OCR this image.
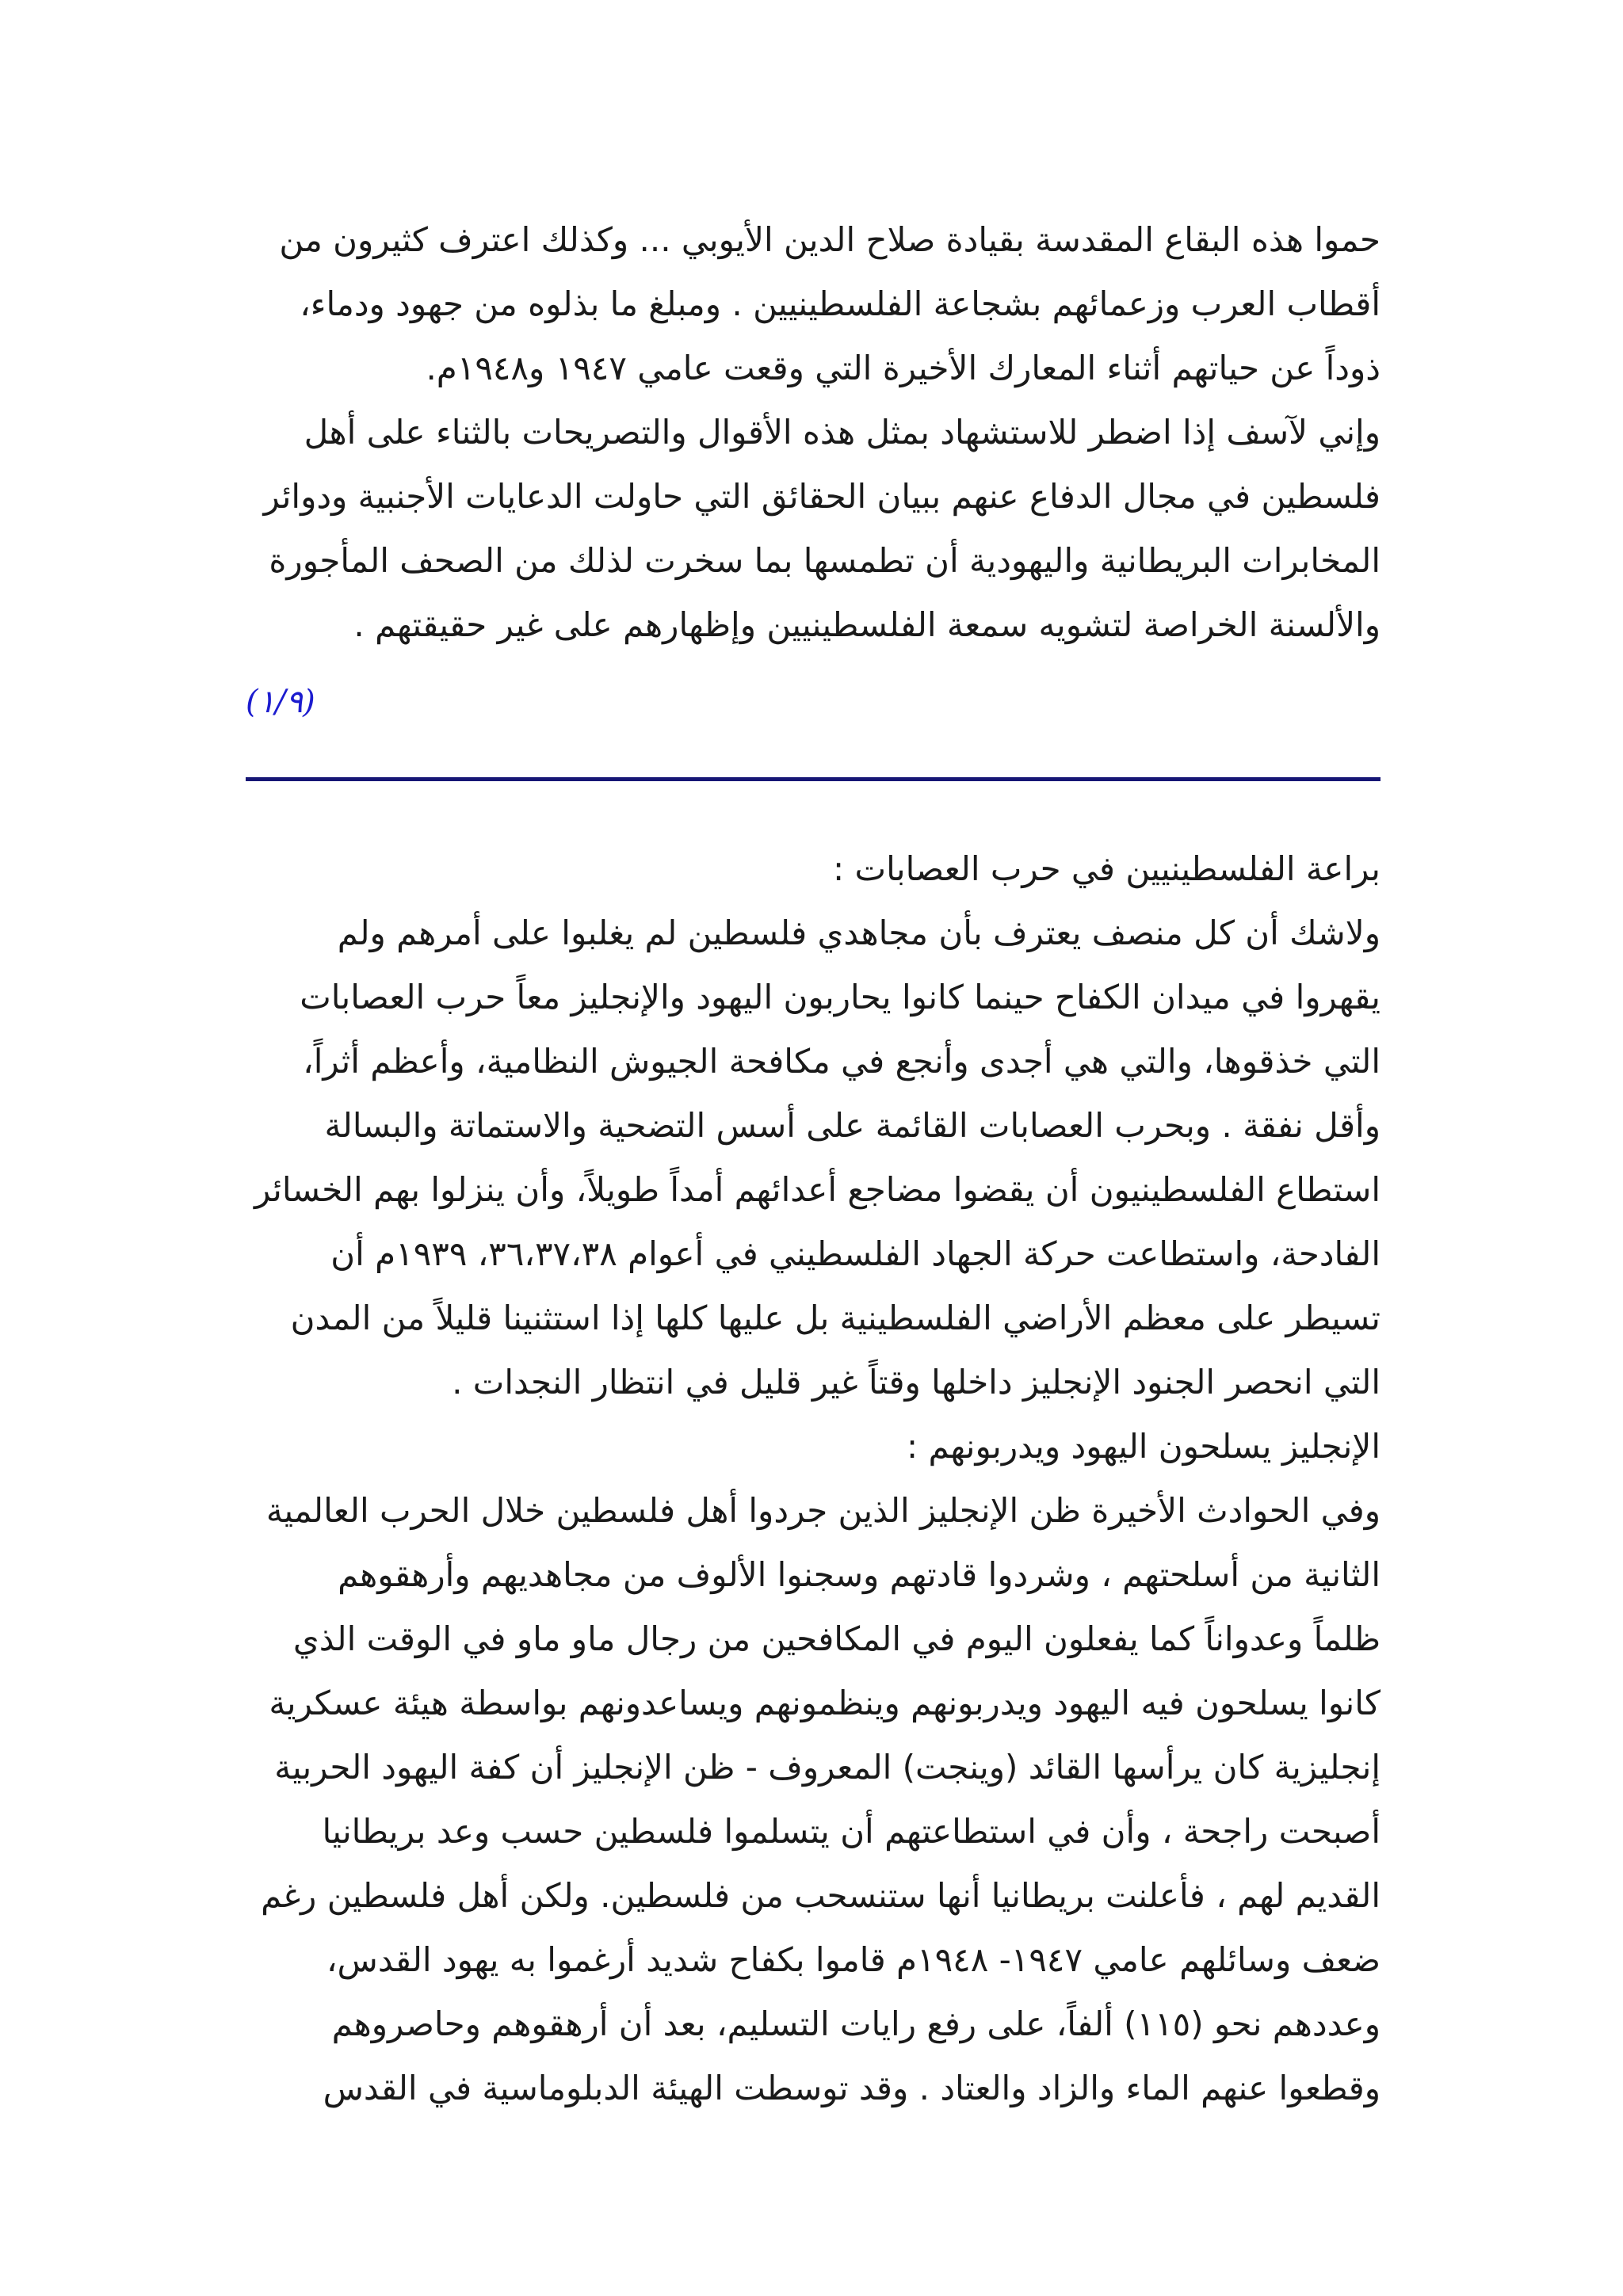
حموا هذه البقاع المقدسة بقيادة صلاح الدين الأيوبي ... وكذلك اعترف كثيرون من
أقطاب العرب وزعمائهم بشجاعة الفلسطينيين . ومبلغ ما بذلوه من جهود ودماء،
ذوداً عن حياتهم أثناء المعارك الأخيرة التي وقعت عامي ١٩٤٧ و١٩٤٨م.
وإني لآسف إذا اضطر للاستشهاد بمثل هذه الأقوال والتصريحات بالثناء على أهل
فلسطين في مجال الدفاع عنهم ببيان الحقائق التي حاولت الدعايات الأجنبية ودوائر
المخابرات البريطانية واليهودية أن تطمسها بما سخرت لذلك من الصحف المأجورة
والألسنة الخراصة لتشويه سمعة الفلسطينيين وإظهارهم على غير حقيقتهم .
(١/٩)
براعة الفلسطينيين في حرب العصابات :
ولاشك أن كل منصف يعترف بأن مجاهدي فلسطين لم يغلبوا على أمرهم ولم
يقهروا في ميدان الكفاح حينما كانوا يحاربون اليهود والإنجليز معاً حرب العصابات
التي خذقوها، والتي هي أجدى وأنجع في مكافحة الجيوش النظامية، وأعظم أثراً،
وأقل نفقة . وبحرب العصابات القائمة على أسس التضحية والاستماتة والبسالة
استطاع الفلسطينيون أن يقضوا مضاجع أعدائهم أمداً طويلاً، وأن ينزلوا بهم الخسائر
الفادحة، واستطاعت حركة الجهاد الفلسطيني في أعوام ٣٦،٣٧،٣٨، ١٩٣٩م أن
تسيطر على معظم الأراضي الفلسطينية بل عليها كلها إذا استثنينا قليلاً من المدن
التي انحصر الجنود الإنجليز داخلها وقتاً غير قليل في انتظار النجدات .
الإنجليز يسلحون اليهود ويدربونهم :
وفي الحوادث الأخيرة ظن الإنجليز الذين جردوا أهل فلسطين خلال الحرب العالمية
الثانية من أسلحتهم ، وشردوا قادتهم وسجنوا الألوف من مجاهديهم وأرهقوهم
ظلماً وعدواناً كما يفعلون اليوم في المكافحين من رجال ماو ماو في الوقت الذي
كانوا يسلحون فيه اليهود ويدربونهم وينظمونهم ويساعدونهم بواسطة هيئة عسكرية
إنجليزية كان يرأسها القائد (وينجت) المعروف - ظن الإنجليز أن كفة اليهود الحربية
أصبحت راجحة ، وأن في استطاعتهم أن يتسلموا فلسطين حسب وعد بريطانيا
القديم لهم ، فأعلنت بريطانيا أنها ستنسحب من فلسطين. ولكن أهل فلسطين رغم
ضعف وسائلهم عامي ١٩٤٧- ١٩٤٨م قاموا بكفاح شديد أرغموا به يهود القدس،
وعددهم نحو (١١٥) ألفاً، على رفع رايات التسليم، بعد أن أرهقوهم وحاصروهم
وقطعوا عنهم الماء والزاد والعتاد . وقد توسطت الهيئة الدبلوماسية في القدس
